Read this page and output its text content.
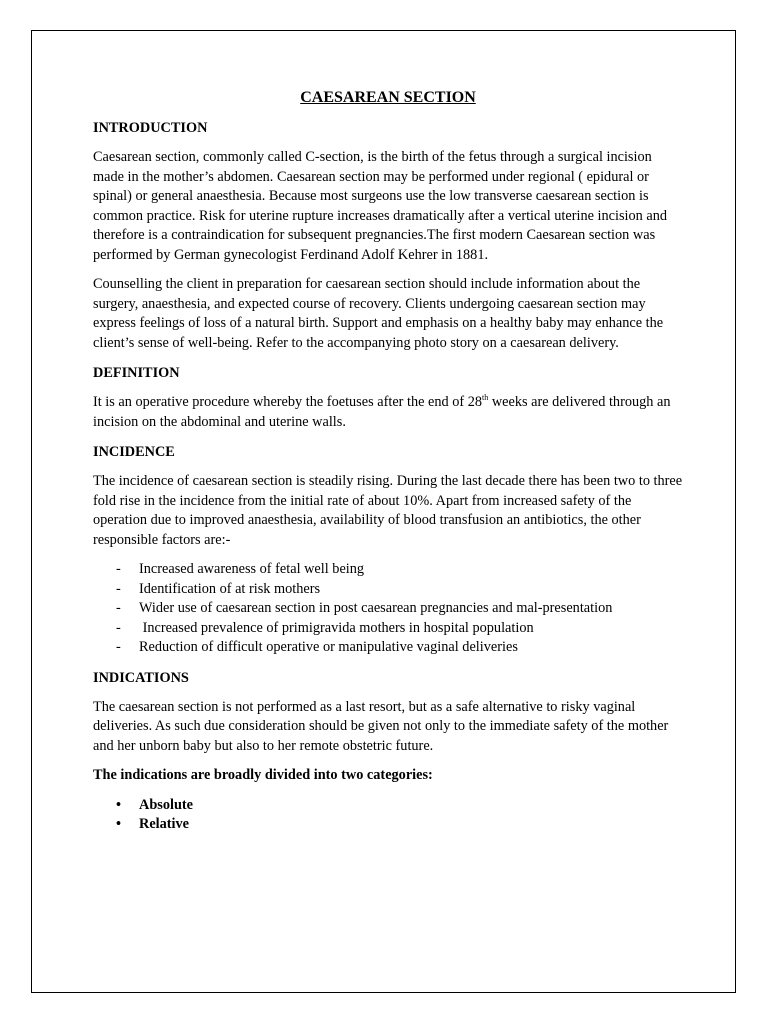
CAESAREAN SECTION
INTRODUCTION

Caesarean section, commonly called C-section, is the birth of the fetus through a surgical incision made in the mother’s abdomen. Caesarean section may be performed under regional ( epidural or spinal) or general anaesthesia. Because most surgeons use the low transverse caesarean section is common practice. Risk for uterine rupture increases dramatically after a vertical uterine incision and therefore is a contraindication for subsequent pregnancies.The first modern Caesarean section was performed by German gynecologist Ferdinand Adolf Kehrer in 1881.

Counselling the client in preparation for caesarean section should include information about the surgery, anaesthesia, and expected course of recovery. Clients undergoing caesarean section may express feelings of loss of a natural birth. Support and emphasis on a healthy baby may enhance the client’s sense of well-being. Refer to the accompanying photo story on a caesarean delivery.

DEFINITION

It is an operative procedure whereby the foetuses after the end of 28th weeks are delivered through an incision on the abdominal and uterine walls.

INCIDENCE

The incidence of caesarean section is steadily rising. During the last decade there has been two to three fold rise in the incidence from the initial rate of about 10%. Apart from increased safety of the operation due to improved anaesthesia, availability of blood transfusion an antibiotics, the other responsible factors are:-

- Increased awareness of fetal well being
- Identification of at risk mothers
- Wider use of caesarean section in post caesarean pregnancies and mal-presentation
- Increased prevalence of primigravida mothers in hospital population
- Reduction of difficult operative or manipulative vaginal deliveries
INDICATIONS

The caesarean section is not performed as a last resort, but as a safe alternative to risky vaginal deliveries. As such due consideration should be given not only to the immediate safety of the mother and her unborn baby but also to her remote obstetric future.

The indications are broadly divided into two categories:

• Absolute
• Relative
